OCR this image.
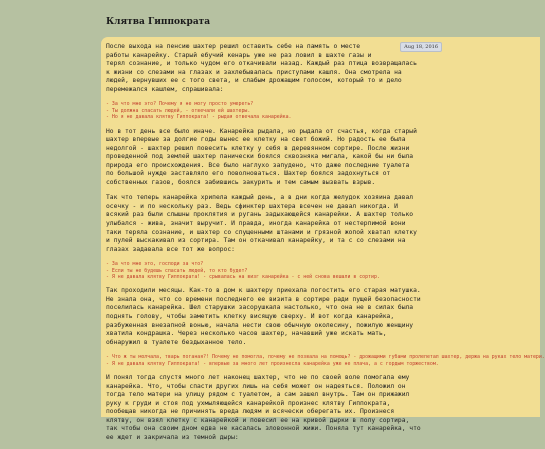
Клятва Гиппократа
Aug 18, 2016
После выхода на пенсию шахтер решил оставить себе на память о месте
работы канарейку. Старый ебучий кенарь уже не раз ловил в шахте газы и
терял сознание, и только чудом его откачивали назад. Каждый раз птица возвращалась
к жизни со слезами на глазах и захлебывалась приступами кашля. Она смотрела на
людей, вернувших ее с того света, и слабым дрожащим голосом, который то и дело
перемежался кашлем, спрашивала:
- За что мне это? Почему я не могу просто умереть?
- Ты должна спасать людей, - отвечали ей шахтеры.
- Но я не давала клятву Гиппократа! - рыдая отвечала канарейка.
Но в тот день все было иначе. Канарейка рыдала, но рыдала от счастья, когда старый
шахтер впервые за долгие годы вынес ее клетку на свет божий. Но радость ее была
недолгой - шахтер решил повесить клетку у себя в деревянном сортире. После жизни
проведенной под землей шахтер панически боялся сквозняка мигала, какой бы ни была
природа его происхождения. Все было наглухо запудено, что даже последние туалета
по большой нужде заставляло его поволноваться. Шахтер боялся задохнуться от
собственных газов, боялся забившись закурить и тем самым вызвать взрыв.
Так что теперь канарейка хрипела каждый день, а в дни когда желудок хозяина давал
осечку - и по нескольку раз. Ведь сфинктер шахтера всечен не давал никогда. И
всякий раз были слышны проклятия и ругань задыхающейся канарейки. А шахтер только
улыбался - жива, значит выручит. И правда, иногда канарейка от нестерпимой вони
таки теряла сознание, и шахтер со спущенными штанами и грязной жопой хватал клетку
и пулей выскакивал из сортира. Там он откачивал канарейку, и та с со слезами на
глазах задавала все тот же вопрос:
- За что мне это, господи за что?
- Если ты не будешь спасать людей, то кто будет?
- Я не давала клятву Гиппократа! - срывалась на визг канарейка - с ней снова вешали в сортир.
Так проходили месяцы. Как-то в дом к шахтеру приехала погостить его старая матушка.
Не знала она, что со времени последнего ее визита в сортире ради пущей безопасности
поселилась канарейка. Шел старушки засорушкала настолько, что она не в силах была
поднять голову, чтобы заметить клетку висящую сверху. И вот когда канарейка,
разбуженная внезапной вонью, начала нести свою обычную околесину, пожилую женщину
хватила кондрашка. Через несколько часов шахтер, начавший уже искать мать,
обнаружил в туалете бездыханное тело.
- Что ж ты молчала, тварь поганая?! Почему не помогла, почему не позвала на помощь? - дрожащими губами пролепетал шахтер, держа на руках тело матери.
- Я не давала клятву Гиппократа! - впервые за много лет произнесла канарейка уже не плача, а с гордым торжеством.
И понял тогда спустя много лет наконец шахтер, что не по своей воле помогала ему
канарейка. Что, чтобы спасти других лишь на себя может он надеяться. Положил он
тогда тело матери на улицу рядом с туалетом, а сам зашел внутрь. Там он прижажил
руку к груди и стоя под ухмыляющейся канарейкой произнес клятву Гиппократа,
пообещав никогда не причинять вреда людям и всячески оберегать их. Произнеся
клятву, он взял клетку с канарейкой и повесил ее на кривой дырки в полу сортира,
так чтобы она своим дном едва не касалась зловонной жижи. Поняла тут канарейка, что
ее ждет и закричала из темной дыры:
